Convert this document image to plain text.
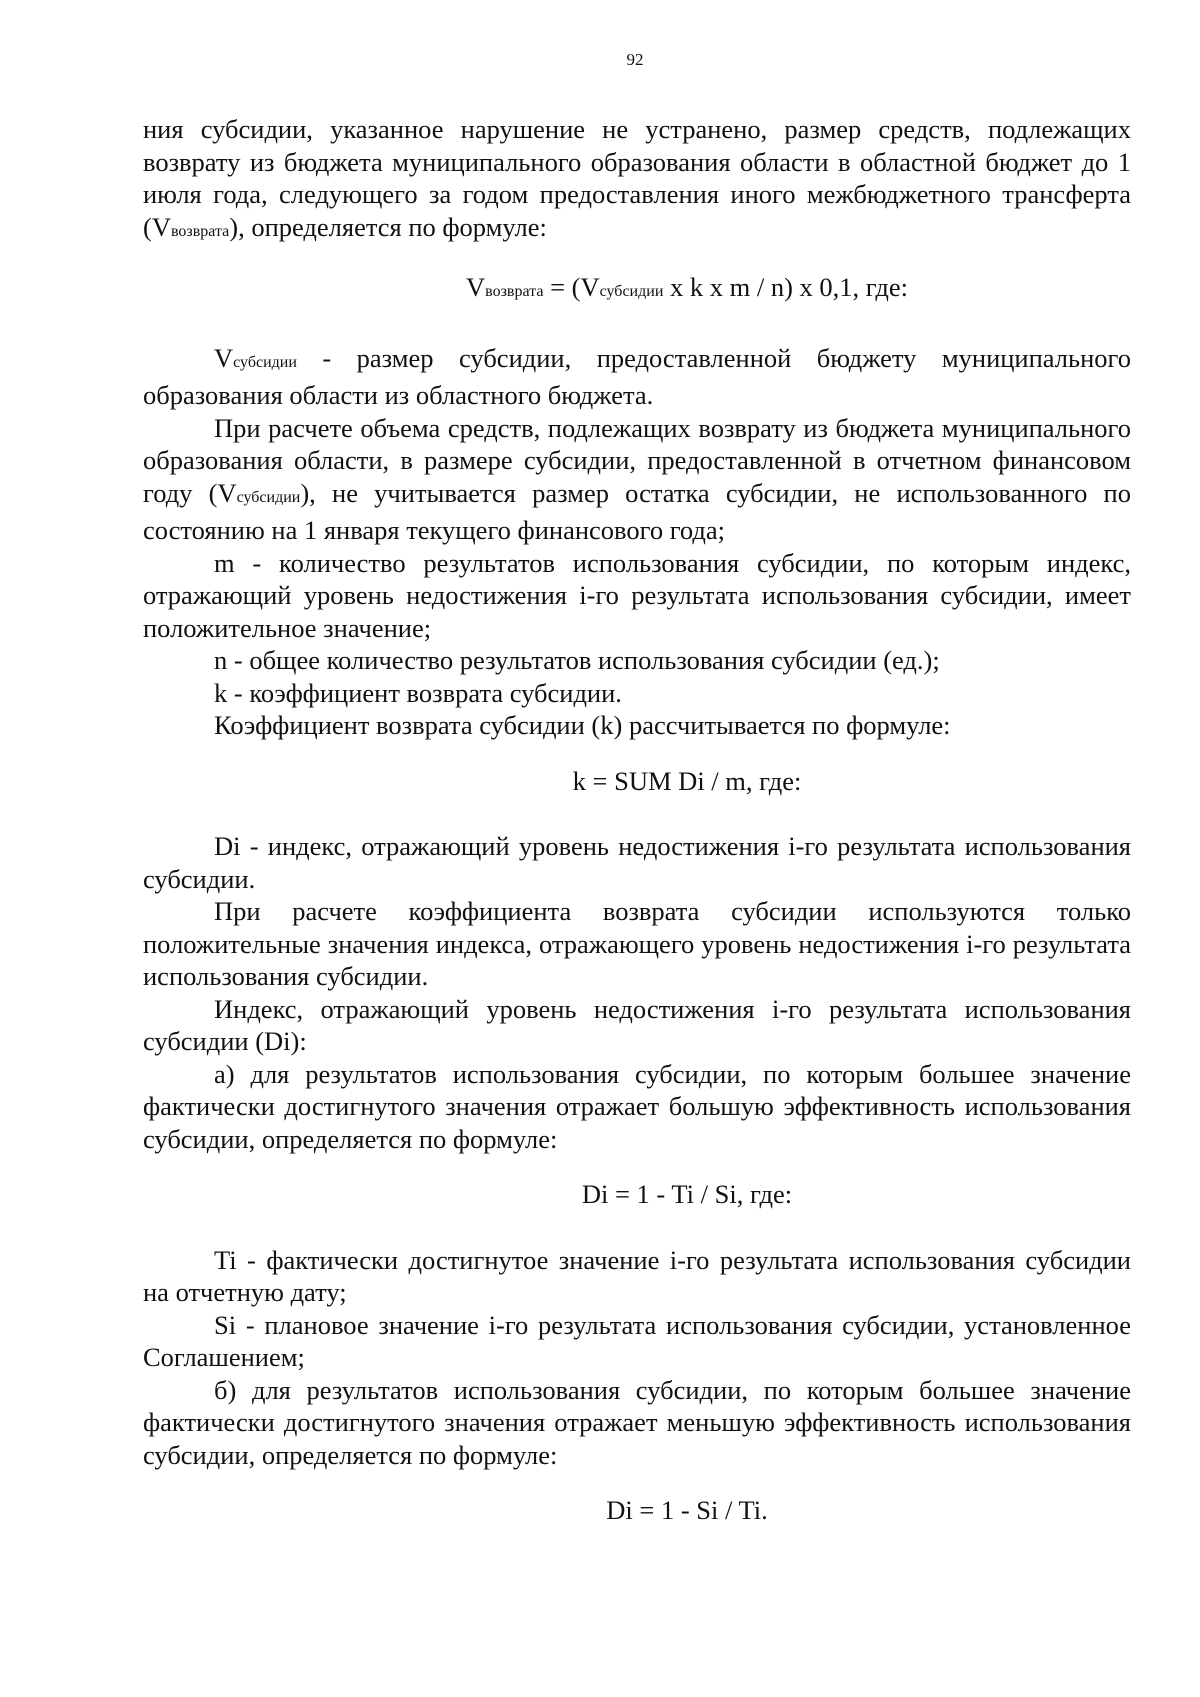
92

ния субсидии, указанное нарушение не устранено, размер средств, подлежащих возврату из бюджета муниципального образования области в областной бюджет до 1 июля года, следующего за годом предоставления иного межбюджетного трансферта (Vвозврата), определяется по формуле:

Vвозврата = (Vсубсидии x k x m / n) x 0,1, где:

Vсубсидии - размер субсидии, предоставленной бюджету муниципального образования области из областного бюджета.

При расчете объема средств, подлежащих возврату из бюджета муниципального образования области, в размере субсидии, предоставленной в отчетном финансовом году (Vсубсидии), не учитывается размер остатка субсидии, не использованного по состоянию на 1 января текущего финансового года;

m - количество результатов использования субсидии, по которым индекс, отражающий уровень недостижения i-го результата использования субсидии, имеет положительное значение;

n - общее количество результатов использования субсидии (ед.);

k - коэффициент возврата субсидии.

Коэффициент возврата субсидии (k) рассчитывается по формуле:

k = SUM Di / m, где:

Di - индекс, отражающий уровень недостижения i-го результата использования субсидии.

При расчете коэффициента возврата субсидии используются только положительные значения индекса, отражающего уровень недостижения i-го результата использования субсидии.

Индекс, отражающий уровень недостижения i-го результата использования субсидии (Di):

а) для результатов использования субсидии, по которым большее значение фактически достигнутого значения отражает большую эффективность использования субсидии, определяется по формуле:

Di = 1 - Ti / Si, где:

Ti - фактически достигнутое значение i-го результата использования субсидии на отчетную дату;

Si - плановое значение i-го результата использования субсидии, установленное Соглашением;

б) для результатов использования субсидии, по которым большее значение фактически достигнутого значения отражает меньшую эффективность использования субсидии, определяется по формуле:

Di = 1 - Si / Ti.
